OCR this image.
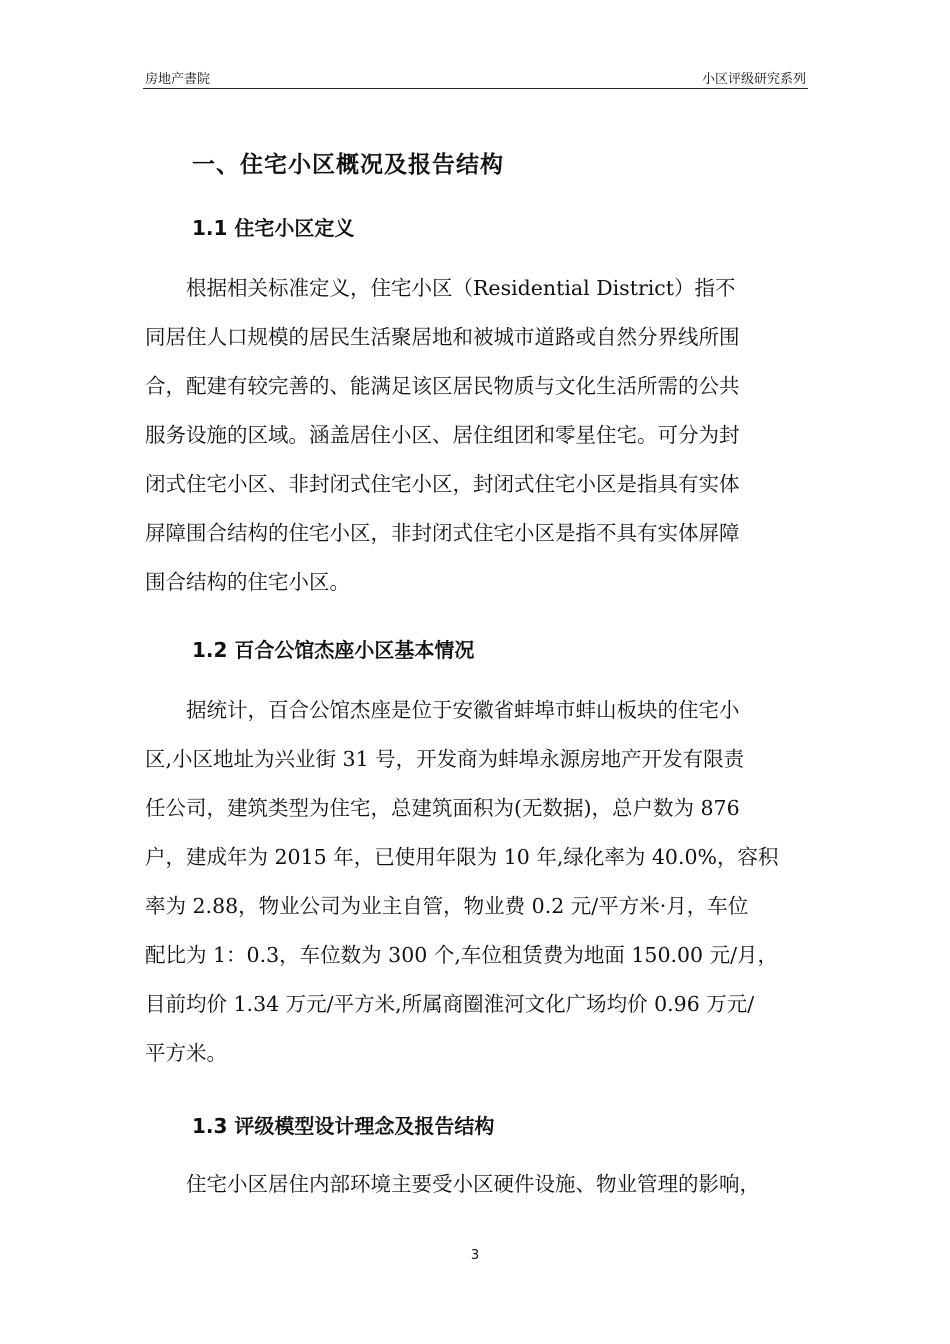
房地产書院	小区评级研究系列
一、住宅小区概况及报告结构
1.1 住宅小区定义
根据相关标准定义，住宅小区（Residential District）指不
同居住人口规模的居民生活聚居地和被城市道路或自然分界线所围
合，配建有较完善的、能满足该区居民物质与文化生活所需的公共
服务设施的区域。涵盖居住小区、居住组团和零星住宅。可分为封
闭式住宅小区、非封闭式住宅小区，封闭式住宅小区是指具有实体
屏障围合结构的住宅小区，非封闭式住宅小区是指不具有实体屏障
围合结构的住宅小区。
1.2 百合公馆杰座小区基本情况
据统计，百合公馆杰座是位于安徽省蚌埠市蚌山板块的住宅小
区,小区地址为兴业街 31 号，开发商为蚌埠永源房地产开发有限责
任公司，建筑类型为住宅，总建筑面积为(无数据)，总户数为 876
户，建成年为 2015 年，已使用年限为 10 年,绿化率为 40.0%，容积
率为 2.88，物业公司为业主自管，物业费 0.2 元/平方米·月，车位
配比为 1：0.3，车位数为 300 个,车位租赁费为地面 150.00 元/月，
目前均价 1.34 万元/平方米,所属商圈淮河文化广场均价 0.96 万元/
平方米。
1.3 评级模型设计理念及报告结构
住宅小区居住内部环境主要受小区硬件设施、物业管理的影响，
3
